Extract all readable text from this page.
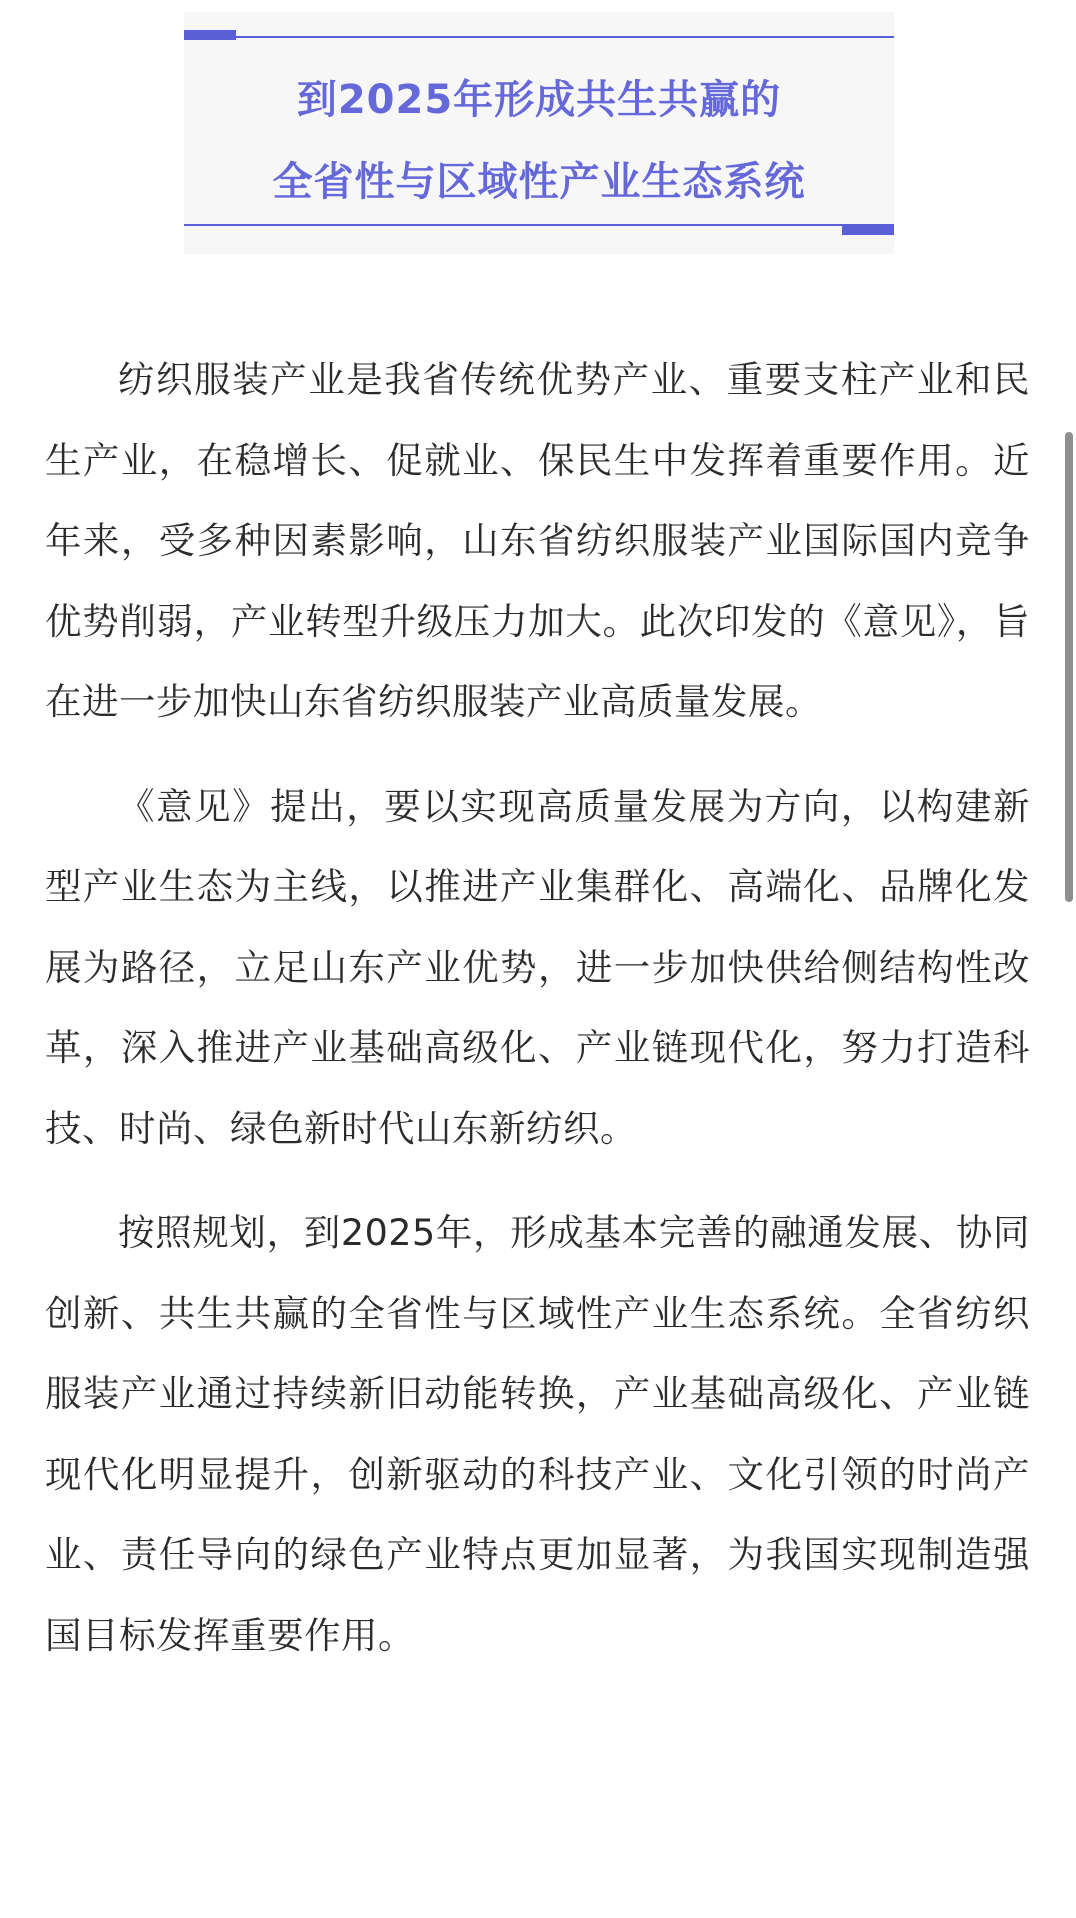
到2025年形成共生共赢的
全省性与区域性产业生态系统

纺织服装产业是我省传统优势产业、重要支柱产业和民生产业，在稳增长、促就业、保民生中发挥着重要作用。近年来，受多种因素影响，山东省纺织服装产业国际国内竞争优势削弱，产业转型升级压力加大。此次印发的《意见》，旨在进一步加快山东省纺织服装产业高质量发展。

《意见》提出，要以实现高质量发展为方向，以构建新型产业生态为主线，以推进产业集群化、高端化、品牌化发展为路径，立足山东产业优势，进一步加快供给侧结构性改革，深入推进产业基础高级化、产业链现代化，努力打造科技、时尚、绿色新时代山东新纺织。

按照规划，到2025年，形成基本完善的融通发展、协同创新、共生共赢的全省性与区域性产业生态系统。全省纺织服装产业通过持续新旧动能转换，产业基础高级化、产业链现代化明显提升，创新驱动的科技产业、文化引领的时尚产业、责任导向的绿色产业特点更加显著，为我国实现制造强国目标发挥重要作用。
